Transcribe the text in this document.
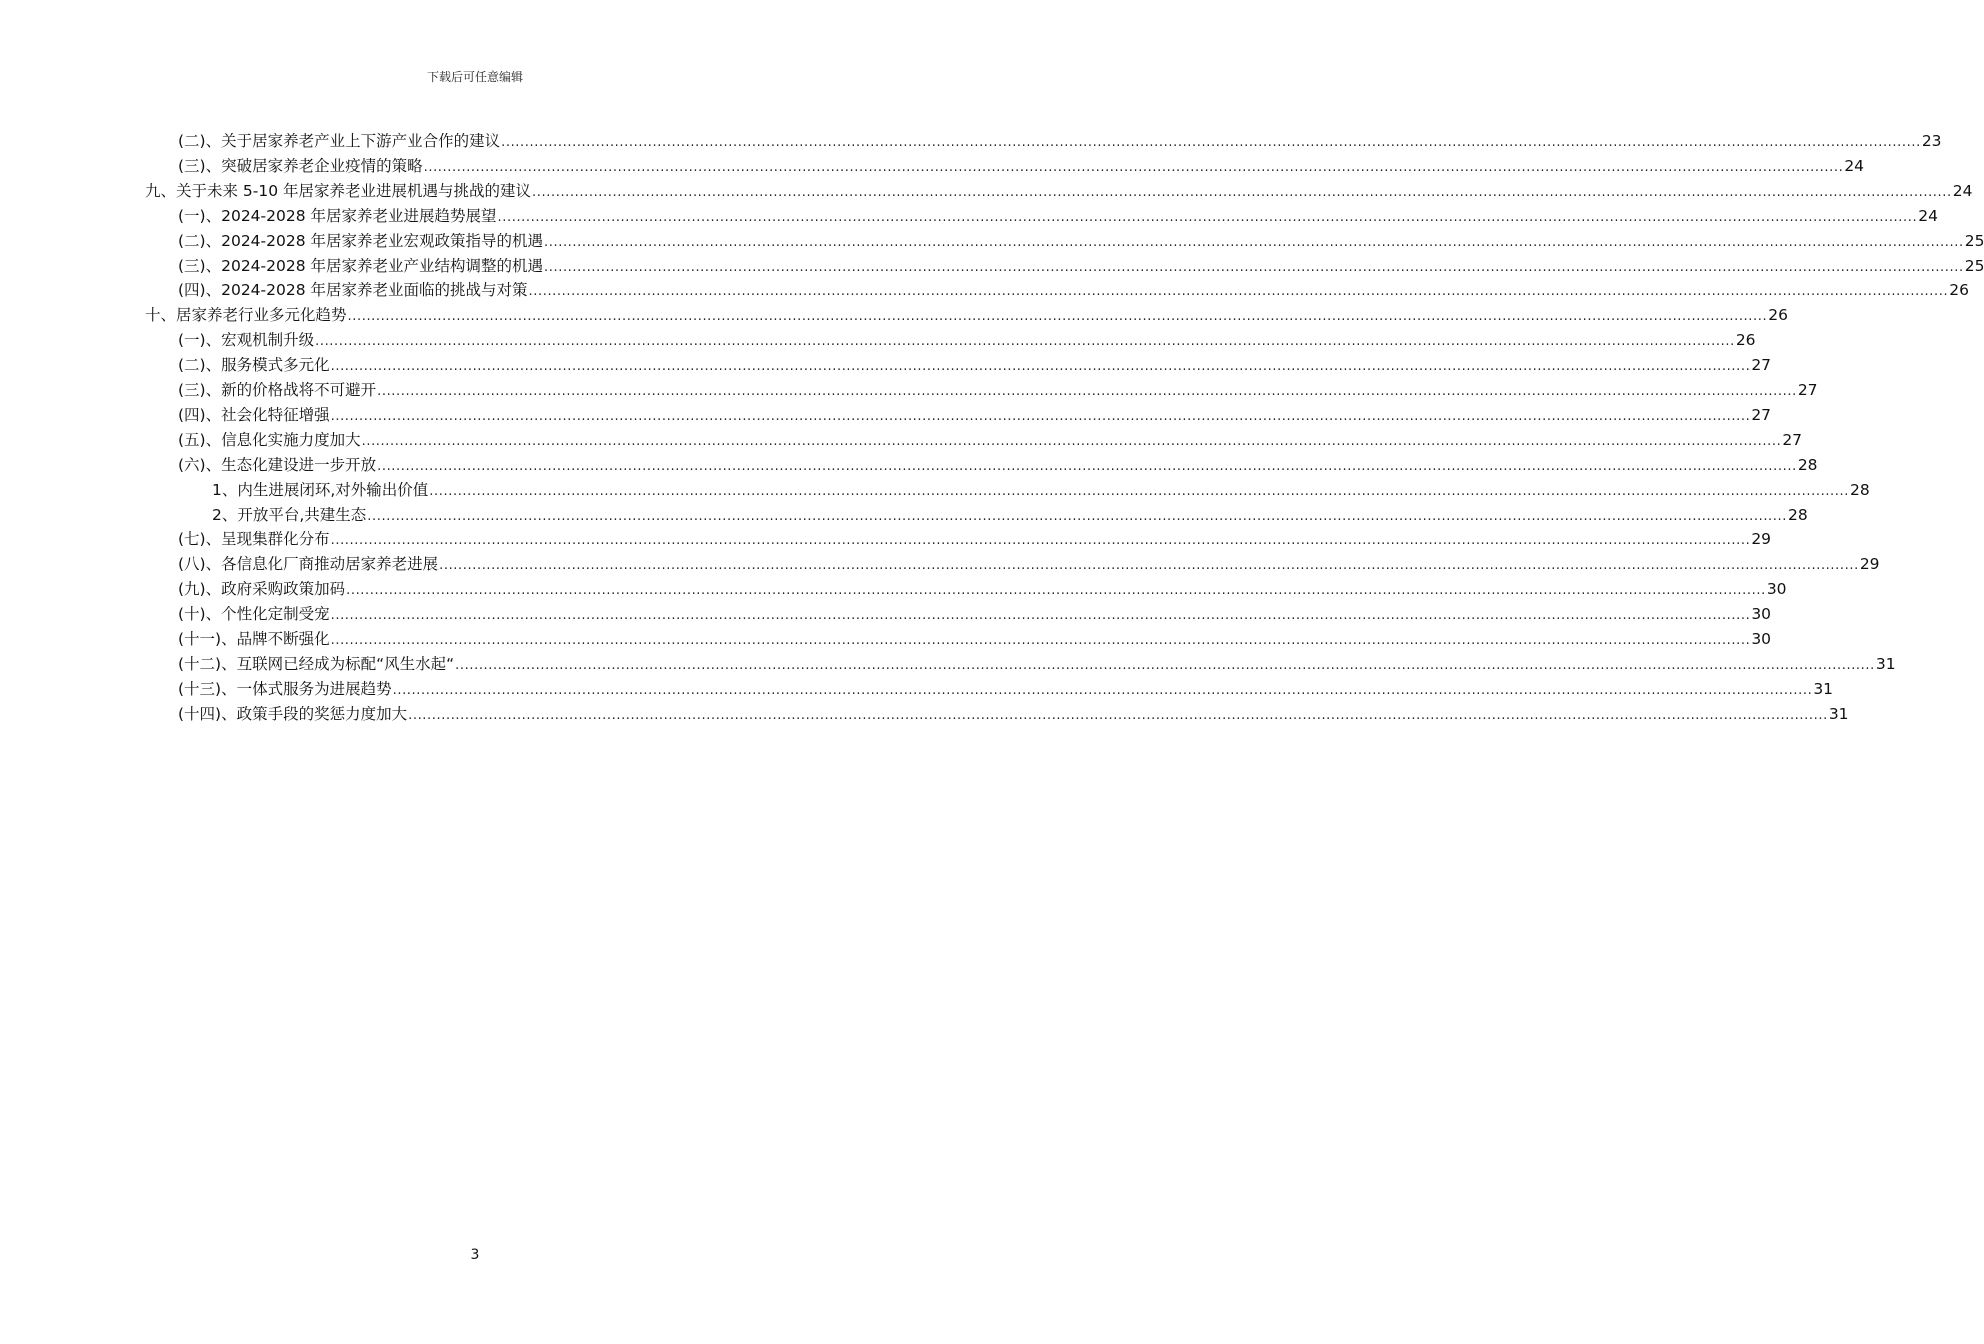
下载后可任意编辑
(二)、关于居家养老产业上下游产业合作的建议 ............................................................................................................................................................................................................................................................................................................ 23
(三)、突破居家养老企业疫情的策略 ............................................................................................................................................................................................................................................................................................................ 24
九、关于未来 5-10 年居家养老业进展机遇与挑战的建议 ............................................................................................................................................................................................................................................................................................................ 24
(一)、2024-2028 年居家养老业进展趋势展望 ............................................................................................................................................................................................................................................................................................................ 24
(二)、2024-2028 年居家养老业宏观政策指导的机遇 ............................................................................................................................................................................................................................................................................................................ 25
(三)、2024-2028 年居家养老业产业结构调整的机遇 ............................................................................................................................................................................................................................................................................................................ 25
(四)、2024-2028 年居家养老业面临的挑战与对策 ............................................................................................................................................................................................................................................................................................................ 26
十、居家养老行业多元化趋势 ............................................................................................................................................................................................................................................................................................................ 26
(一)、宏观机制升级 ............................................................................................................................................................................................................................................................................................................ 26
(二)、服务模式多元化 ............................................................................................................................................................................................................................................................................................................ 27
(三)、新的价格战将不可避开 ............................................................................................................................................................................................................................................................................................................ 27
(四)、社会化特征增强 ............................................................................................................................................................................................................................................................................................................ 27
(五)、信息化实施力度加大 ............................................................................................................................................................................................................................................................................................................ 27
(六)、生态化建设进一步开放 ............................................................................................................................................................................................................................................................................................................ 28
1、内生进展闭环,对外输出价值 ............................................................................................................................................................................................................................................................................................................ 28
2、开放平台,共建生态 ............................................................................................................................................................................................................................................................................................................ 28
(七)、呈现集群化分布 ............................................................................................................................................................................................................................................................................................................ 29
(八)、各信息化厂商推动居家养老进展 ............................................................................................................................................................................................................................................................................................................ 29
(九)、政府采购政策加码 ............................................................................................................................................................................................................................................................................................................ 30
(十)、个性化定制受宠 ............................................................................................................................................................................................................................................................................................................ 30
(十一)、品牌不断强化 ............................................................................................................................................................................................................................................................................................................ 30
(十二)、互联网已经成为标配“风生水起“ ............................................................................................................................................................................................................................................................................................................ 31
(十三)、一体式服务为进展趋势 ............................................................................................................................................................................................................................................................................................................ 31
(十四)、政策手段的奖惩力度加大 ............................................................................................................................................................................................................................................................................................................ 31
3
